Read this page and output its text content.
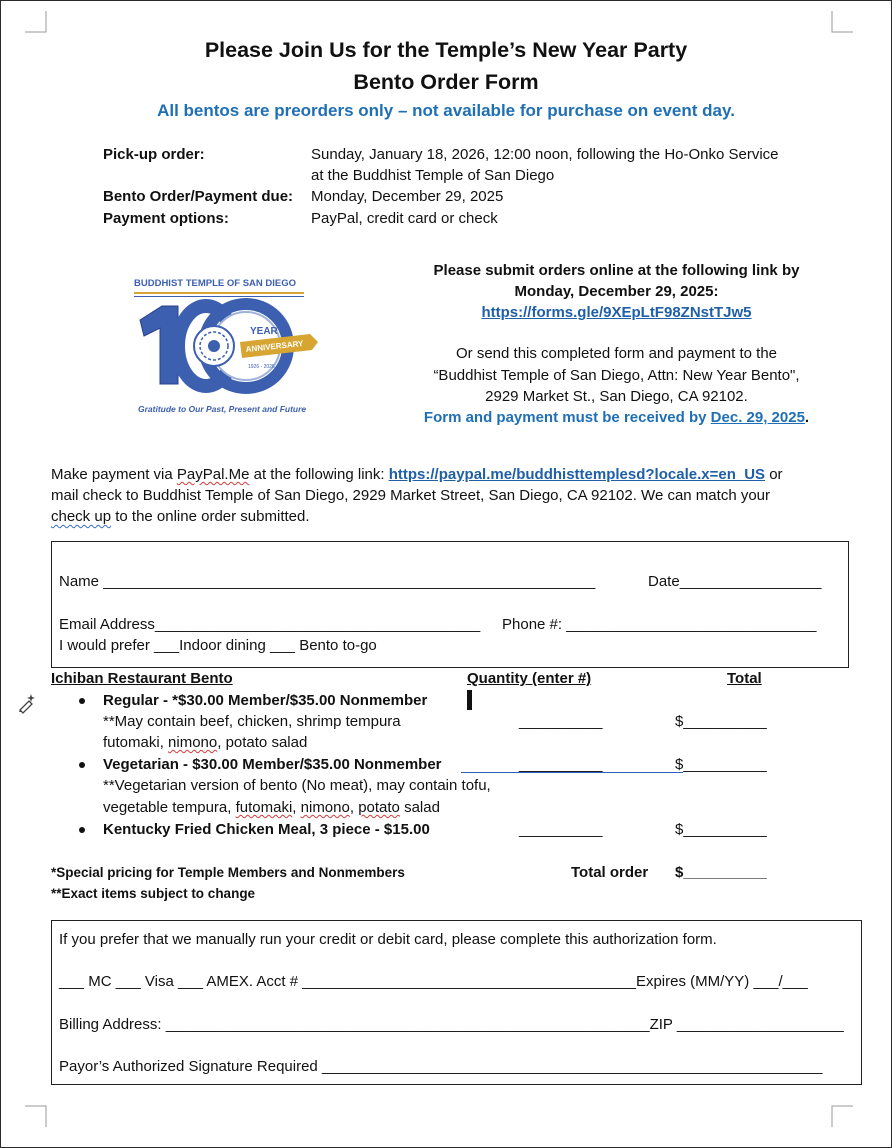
Please Join Us for the Temple’s New Year Party
Bento Order Form
All bentos are preorders only – not available for purchase on event day.
Pick-up order:	Sunday, January 18, 2026, 12:00 noon, following the Ho-Onko Service
at the Buddhist Temple of San Diego
Bento Order/Payment due: Monday, December 29, 2025
Payment options:	PayPal, credit card or check
BUDDHIST TEMPLE OF SAN DIEGO
YEAR
ANNIVERSARY
1926 - 2026
Gratitude to Our Past, Present and Future
Please submit orders online at the following link by
Monday, December 29, 2025:
https://forms.gle/9XEpLtF98ZNstTJw5
Or send this completed form and payment to the
“Buddhist Temple of San Diego, Attn: New Year Bento",
2929 Market St., San Diego, CA 92102.
Form and payment must be received by Dec. 29, 2025.
Make payment via PayPal.Me at the following link: https://paypal.me/buddhisttemplesd?locale.x=en_US or
mail check to Buddhist Temple of San Diego, 2929 Market Street, San Diego, CA 92102. We can match your
check up to the online order submitted.
Name ___________________________________________________________	Date_________________
Email Address_______________________________________ Phone #: ______________________________
I would prefer ___Indoor dining ___ Bento to-go
Ichiban Restaurant Bento	Quantity (enter #)	Total
Regular - *$30.00 Member/$35.00 Nonmember
**May contain beef, chicken, shrimp tempura
futomaki, nimono, potato salad
__________	$__________
Vegetarian - $30.00 Member/$35.00 Nonmember	__________	$__________
**Vegetarian version of bento (No meat), may contain tofu,
vegetable tempura, futomaki, nimono, potato salad
Kentucky Fried Chicken Meal, 3 piece - $15.00	__________	$__________
*Special pricing for Temple Members and Nonmembers
**Exact items subject to change
Total order $__________
If you prefer that we manually run your credit or debit card, please complete this authorization form.
___ MC ___ Visa ___ AMEX. Acct # ________________________________________Expires (MM/YY) ___/___
Billing Address: __________________________________________________________ZIP ____________________
Payor’s Authorized Signature Required ____________________________________________________________
